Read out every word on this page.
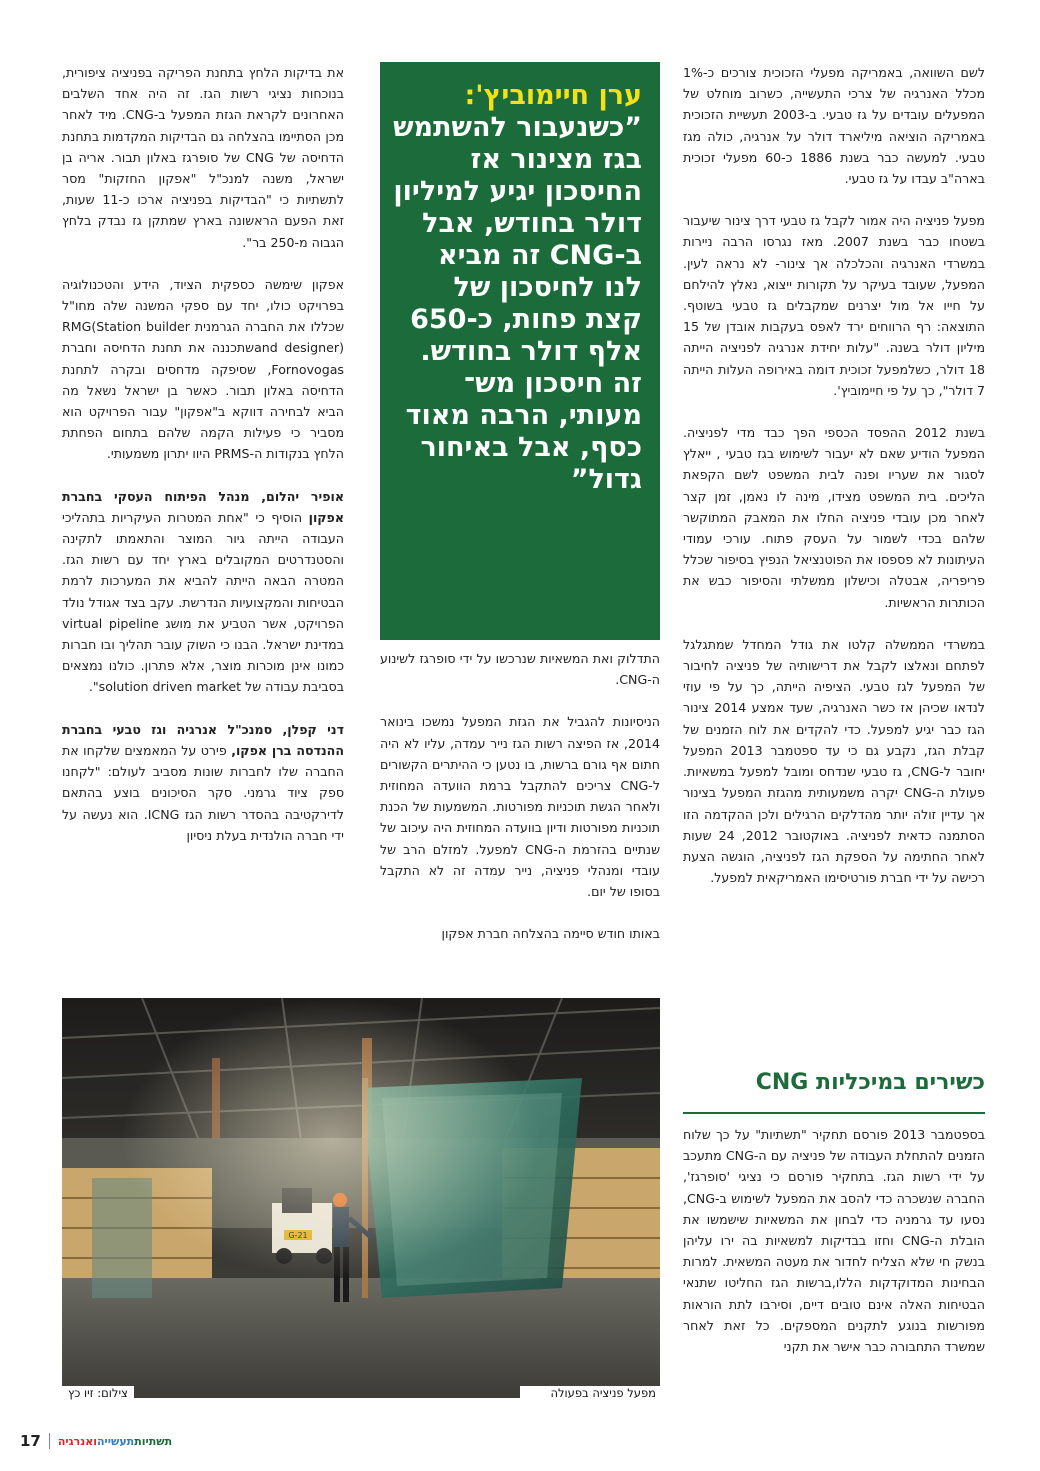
לשם השוואה, באמריקה מפעלי הזכוכית צורכים כ-1% מכלל האנרגיה של צרכי התעשייה, כשרוב מוחלט של המפעלים עובדים על גז טבעי. ב-2003 תעשיית הזכוכית באמריקה הוציאה מיליארד דולר על אנרגיה, כולה מגז טבעי. למעשה כבר בשנת 1886 כ-60 מפעלי זכוכית בארה"ב עבדו על גז טבעי.

מפעל פניציה היה אמור לקבל גז טבעי דרך צינור שיעבור בשטחו כבר בשנת 2007. מאז נגרסו הרבה ניירות במשרדי האנרגיה והכלכלה אך צינור- לא נראה לעין. המפעל, שעובד בעיקר על תקורות ייצוא, נאלץ להילחם על חייו אל מול יצרנים שמקבלים גז טבעי בשוטף. התוצאה: רף הרווחים ירד לאפס בעקבות אובדן של 15 מיליון דולר בשנה. "עלות יחידת אנרגיה לפניציה הייתה 18 דולר, כשלמפעל זכוכית דומה באירופה העלות הייתה 7 דולר", כך על פי חיימוביץ'.

בשנת 2012 ההפסד הכספי הפך כבד מדי לפניציה. המפעל הודיע שאם לא יעבור לשימוש בגז טבעי , ייאלץ לסגור את שעריו ופנה לבית המשפט לשם הקפאת הליכים. בית המשפט מצידו, מינה לו נאמן, זמן קצר לאחר מכן עובדי פניציה החלו את המאבק המתוקשר שלהם בכדי לשמור על העסק פתוח. עורכי עמודי העיתונות לא פספסו את הפוטנציאל הנפיץ בסיפור שכלל פריפריה, אבטלה וכישלון ממשלתי והסיפור כבש את הכותרות הראשיות.

במשרדי הממשלה קלטו את גודל המחדל שמתגלגל לפתחם ונאלצו לקבל את דרישותיה של פניציה לחיבור של המפעל לגז טבעי. הציפיה הייתה, כך על פי עוזי לנדאו שכיהן אז כשר האנרגיה, שעד אמצע 2014 צינור הגז כבר יגיע למפעל. כדי להקדים את לוח הזמנים של קבלת הגז, נקבע גם כי עד ספטמבר 2013 המפעל יחובר ל-CNG, גז טבעי שנדחס ומובל למפעל במשאיות. פעולת ה-CNG יקרה משמעותית מהגזת המפעל בצינור אך עדיין זולה יותר מהדלקים הרגילים ולכן ההקדמה הזו הסתמנה כדאית לפניציה. באוקטובר 2012, 24 שעות לאחר החתימה על הספקת הגז לפניציה, הוגשה הצעת רכישה על ידי חברת פורטיסימו האמריקאית למפעל.

כשירים במיכליות CNG

בספטמבר 2013 פורסם תחקיר "תשתיות" על כך שלוח הזמנים להתחלת העבודה של פניציה עם ה-CNG מתעכב על ידי רשות הגז. בתחקיר פורסם כי נציגי 'סופרגז', החברה שנשכרה כדי להסב את המפעל לשימוש ב-CNG, נסעו עד גרמניה כדי לבחון את המשאיות שישמשו את הובלת ה-CNG וחזו בבדיקות למשאיות בה ירו עליהן בנשק חי שלא הצליח לחדור את מעטה המשאית. למרות הבחינות המדוקדקות הללו,ברשות הגז החליטו שתנאי הבטיחות האלה אינם טובים דיים, וסירבו לתת הוראות מפורשות בנוגע לתקנים המספקים. כל זאת לאחר שמשרד התחבורה כבר אישר את תקני

ערן חיימוביץ':

”כשנעבור להשתמש בגז מצינור אז החיסכון יגיע למיליון דולר בחודש, אבל ב-CNG זה מביא לנו לחיסכון של קצת פחות, כ-650 אלף דולר בחודש. זה חיסכון מש־ מעותי, הרבה מאוד כסף, אבל באיחור גדול”

התדלוק ואת המשאיות שנרכשו על ידי סופרגז לשינוע ה-CNG.

הניסיונות להגביל את הגזת המפעל נמשכו בינואר 2014, אז הפיצה רשות הגז נייר עמדה, עליו לא היה חתום אף גורם ברשות, בו נטען כי ההיתרים הקשורים ל-CNG צריכים להתקבל ברמת הוועדה המחוזית ולאחר הגשת תוכניות מפורטות. המשמעות של הכנת תוכניות מפורטות ודיון בוועדה המחוזית היה עיכוב של שנתיים בהזרמת ה-CNG למפעל. למזלם הרב של עובדי ומנהלי פניציה, נייר עמדה זה לא התקבל בסופו של יום.

באותו חודש סיימה בהצלחה חברת אפקון

את בדיקות הלחץ בתחנת הפריקה בפניציה ציפורית, בנוכחות נציגי רשות הגז. זה היה אחד השלבים האחרונים לקראת הגזת המפעל ב-CNG. מיד לאחר מכן הסתיימו בהצלחה גם הבדיקות המקדמות בתחנת הדחיסה של CNG של סופרגז באלון תבור. אריה בן ישראל, משנה למנכ"ל "אפקון החזקות" מסר לתשתיות כי "הבדיקות בפניציה ארכו כ-11 שעות, זאת הפעם הראשונה בארץ שמתקן גז נבדק בלחץ הגבוה מ-250 בר".

אפקון שימשה כספקית הציוד, הידע והטכנולוגיה בפרויקט כולו, יחד עם ספקי המשנה שלה מחו"ל שכללו את החברה הגרמנית RMG(Station builder and designer)שתכננה את תחנת הדחיסה וחברת Fornovogas, שסיפקה מדחסים ובקרה לתחנת הדחיסה באלון תבור. כאשר בן ישראל נשאל מה הביא לבחירה דווקא ב"אפקון" עבור הפרויקט הוא מסביר כי פעילות הקמה שלהם בתחום הפחתת הלחץ בנקודות ה-PRMS היוו יתרון משמעותי.

אופיר יהלום, מנהל הפיתוח העסקי בחברת אפקון הוסיף כי "אחת המטרות העיקריות בתהליכי העבודה הייתה גיור המוצר והתאמתו לתקינה והסטנדרטים המקובלים בארץ יחד עם רשות הגז. המטרה הבאה הייתה להביא את המערכות לרמת הבטיחות והמקצועיות הנדרשת. עקב בצד אגודל נולד הפרויקט, אשר הטביע את מושג virtual pipeline במדינת ישראל. הבנו כי השוק עובר תהליך ובו חברות כמונו אינן מוכרות מוצר, אלא פתרון. כולנו נמצאים בסביבת עבודה של solution driven market".

דני קפלן, סמנכ"ל אנרגיה וגז טבעי בחברת ההנדסה ברן אפקו, פירט על המאמצים שלקחו את החברה שלו לחברות שונות מסביב לעולם: "לקחנו ספק ציוד גרמני. סקר הסיכונים בוצע בהתאם לדירקטיבה בהסדר רשות הגז ICNG. הוא נעשה על ידי חברה הולנדית בעלת ניסיון

צילום: זיו כץ	מפעל פניציה בפעולה
17	תשתיותתעשייהואנרגיה
